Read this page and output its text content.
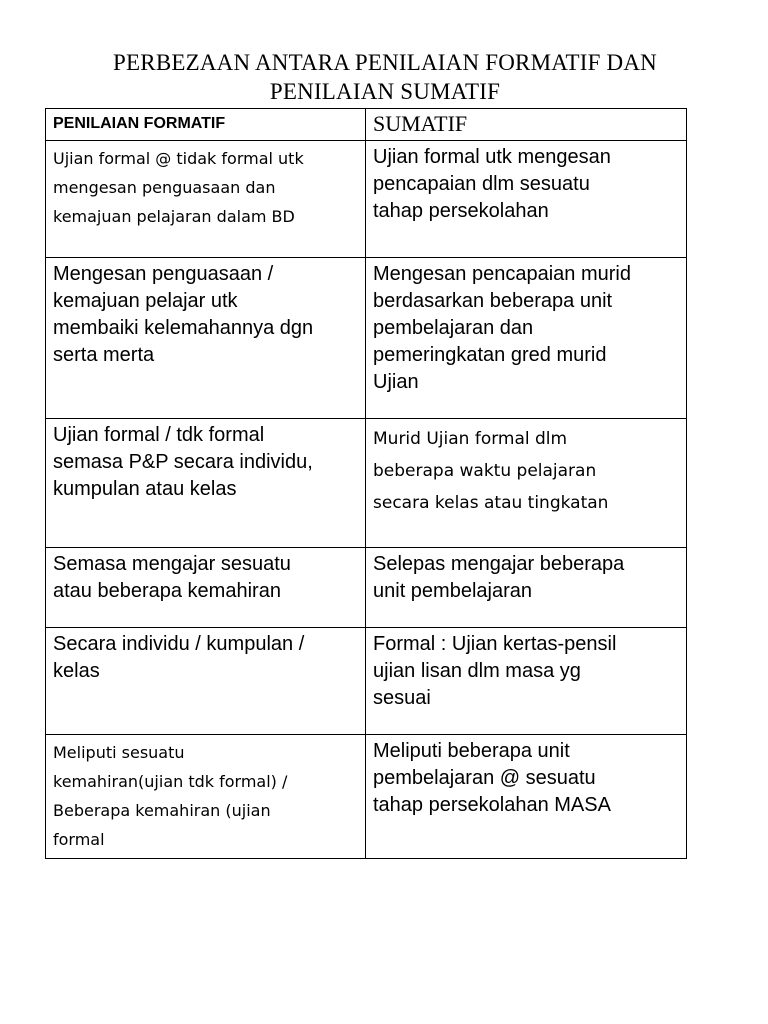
PERBEZAAN ANTARA PENILAIAN FORMATIF DAN
PENILAIAN SUMATIF
PENILAIAN FORMATIF	SUMATIF

Ujian formal @ tidak formal utk
mengesan penguasaan dan
kemajuan pelajaran dalam BD	Ujian formal utk mengesan
pencapaian dlm sesuatu
tahap persekolahan

Mengesan penguasaan /
kemajuan pelajar utk
membaiki kelemahannya dgn
serta merta	Mengesan pencapaian murid
berdasarkan beberapa unit
pembelajaran dan
pemeringkatan gred murid
Ujian

Ujian formal / tdk formal
semasa P&P secara individu,
kumpulan atau kelas	Murid Ujian formal dlm
beberapa waktu pelajaran
secara kelas atau tingkatan

Semasa mengajar sesuatu
atau beberapa kemahiran	Selepas mengajar beberapa
unit pembelajaran

Secara individu / kumpulan /
kelas	Formal : Ujian kertas-pensil
ujian lisan dlm masa yg
sesuai

Meliputi sesuatu
kemahiran(ujian tdk formal) /
Beberapa kemahiran (ujian
formal	Meliputi beberapa unit
pembelajaran @ sesuatu
tahap persekolahan MASA
